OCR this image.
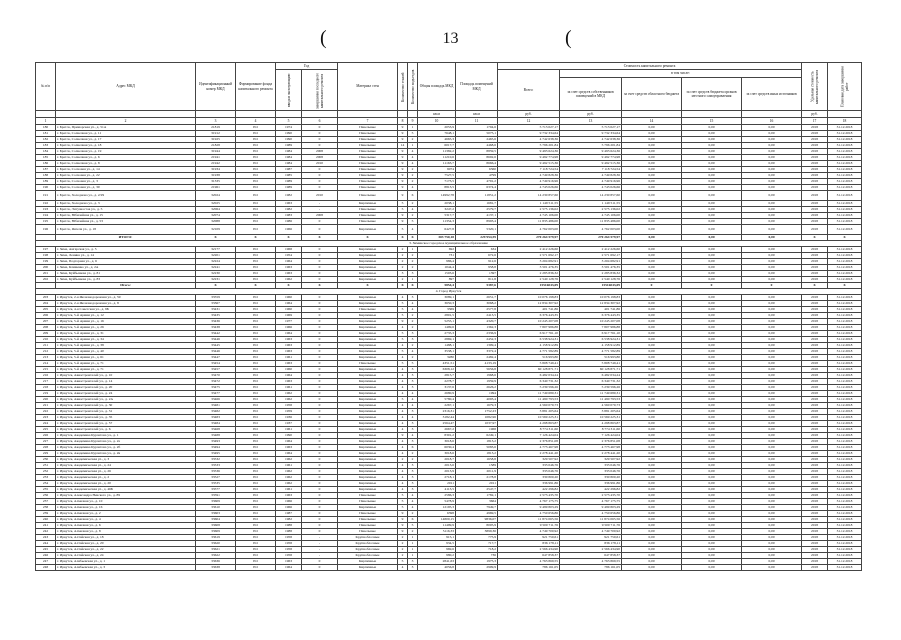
(	13	(
№ п/п	Адрес МКД	Идентификационный номер МКД	Формирование фонда капитального ремонта	Год		Материал стен	Количество этажей	Количество подъездов	Общая площадь МКД	Площадь помещений МКД	Стоимость капитального ремонта					Удельная стоимость капитального ремонта	Плановая дата завершения работ
				ввода в эксплуатацию	завершения последнего капитального ремонта						Всего:	в том числе:					
												за счет средств собственников помещений в МКД	за счет средств областного бюджета	за счет средств бюджета органов местного самоуправления	за счет средств иных источников		
									кв.м	кв.м	руб.	руб.				руб.	
1	2	3	4	5	6	7	8	9	10	11	12	13	14	15	16	17	18
180	г. Братск, Приморская ул., д. 51А	21819	РО	1974	0	Панельные	9	1	2053,9	1794,6	5 713 027,17	5 713 027,17	0,00	0,00	0,00	2018	31.12.2018
181	г. Братск, Солнечная ул., д. 11	31912	РО	1990	0	Панельные	9	5	7648,1	5075,1	9 732 334,64	9 732 334,64	0,00	0,00	0,00	2018	31.12.2018
182	г. Братск, Солнечная ул., д. 17	31925	РО	1990	0	Панельные	9	2	4665,3	2465,6	4 742 638,36	4 742 638,36	0,00	0,00	0,00	2018	31.12.2018
183	г. Братск, Солнечная ул., д. 18	21828	РО	1989	0	Панельные	14	1	6017,7	4468,6	5 796 201,84	5 796 201,84	0,00	0,00	0,00	2018	31.12.2018
184	г. Братск, Солнечная ул., д. 19	31944	РО	1984	2008	Панельные	9	4	11382,2	8859,5	9 493 624,36	9 493 624,36	0,00	0,00	0,00	2018	31.12.2018
185	г. Братск, Солнечная ул., д. 6	21941	РО	1984	2008	Панельные	9	4	11210,6	8692,6	9 492 774,98	9 492 774,98	0,00	0,00	0,00	2018	31.12.2018
186	г. Братск, Солнечная ул., д. 8	21942	РО	1984	2010	Панельные	9	4	11163,7	8666,4	9 492 515,36	9 492 515,36	0,00	0,00	0,00	2018	31.12.2018
187	г. Братск, Сосновая ул., д. 14	31934	РО	1987	0	Панельные	9	2	9074	6360	7 118 724,54	7 118 724,54	0,00	0,00	0,00	2018	31.12.2018
188	г. Братск, Сосновая ул., д. 22	31938	РО	1985	0	Панельные	9	2	7527,5	4799	4 749 828,36	4 749 828,36	0,00	0,00	0,00	2018	31.12.2018
189	г. Братск, Сосновая ул., д. 3	31335	РО	1989	0	Панельные	9	2	7173,5	4791,2	4 749 916,96	4 749 916,96	0,00	0,00	0,00	2018	31.12.2018
190	г. Братск, Сосновая ул., д. 30	21961	РО	1989	0	Панельные	9	4	8813,5	6374,4	4 743 026,66	4 743 026,66	0,00	0,00	0,00	2018	31.12.2018
191	г. Братск, Холоднова ул., д. 2/29	32024	РО	1982	2010	Панельные	9	6	14992,78	11851,2	14 230 857,60	14 230 857,60	0,00	0,00	0,00	2018	31.12.2018
192	г. Братск, Холоднова ул., д. 3	32025	РО	1963	-	Кирпичные	5	2	2038,1	1681,7	1 149 511,55	1 149 511,55	0,00	0,00	0,00	2018	31.12.2018
193	г. Братск, Энтузиастов ул., д. 5	32064	РО	1982	-	Панельные	5	4	3247,2	2579,7	2 575 136,02	2 575 136,02	0,00	0,00	0,00	2018	31.12.2018
194	г. Братск, Юбилейная ул., д. 15	32074	РО	1983	2008	Панельные	9	2	5317,7	4137,1	4 745 106,00	4 745 106,00	0,00	0,00	0,00	2018	31.12.2018
195	г. Братск, Юбилейная ул., д. 53	32088	РО	1986	0	Панельные	9	5	11354,3	8993,4	11 835 486,00	11 835 486,00	0,00	0,00	0,00	2018	31.12.2018
196	г. Братск, Янгеля ул., д. 18	32109	РО	1966	0	Кирпичные	5	4	6427,8	5320,1	4 762 003,00	4 762 003,00	0,00	0,00	0,00	2018	31.12.2018
	ИТОГО:	Х	Х	Х	Х	Х	Х	Х	303 750,18	229 954,59	270 264 579,97	270 264 579,97	0,00	0,00	0,00	Х	Х
3. Зиминское городское муниципальное образование																	
197	г. Зима, Ангарская ул., д. 5	32177	РО	1968	0	Кирпичные	2	1	692	634	2 412 226,60	2 412 226,60	0,00	0,00	0,00	2018	31.12.2018
198	г. Зима, Ленина ул., д. 14	32201	РО	1954	0	Кирпичные	2	2	731	672,6	2 571 692,17	2 571 692,17	0,00	0,00	0,00	2018	31.12.2018
199	г. Зима, Подгорная ул., д. 6	32224	РО	1964	0	Кирпичные	2	2	986,4	912,6	3 204 682,91	3 204 682,91	0,00	0,00	0,00	2018	31.12.2018
200	г. Зима, Клименко ул., д. 2А	32241	РО	1963	0	Кирпичные	2	2	1044,4	958,8	3 501 476,35	3 501 476,35	0,00	0,00	0,00	2018	31.12.2018
201	г. Зима, Куйбышева ул., д. 81	32230	РО	1963	0	Кирпичные	3	3	1503,6	1397	2 285 836,32	2 285 836,32	0,00	0,00	0,00	2018	31.12.2018
202	г. Зима, Куйбышева ул., д. 83	32231	РО	1962	0	Кирпичные	2	1	897	811,8	2 540 128,76	2 540 128,76	0,00	0,00	0,00	2018	31.12.2018
	Итого:	Х	Х	Х	Х	Х	Х	Х	5854,4	5387,6	15516043,09	15516043,09	0	0	0	Х	Х
4. Город Иркутск																	
203	г. Иркутск, 2-я Железнодорожная ул., д. 59	33559	РО	1960	0	Кирпичные	4	3	3089,1	2651,7	10 076 198,83	10 076 198,83	0,00	0,00	0,00	2018	31.12.2018
204	г. Иркутск, 2-я Железнодорожная ул., д. 8	33367	РО	1964	0	Кирпичные	5	4	3650,3	3068,2	12 834 307,92	12 834 307,92	0,00	0,00	0,00	2018	31.12.2018
205	г. Иркутск, 4-я Советская ул., д. 9Б	33431	РО	1960	0	Панельные	5	4	3369	2577,8	401 741,86	401 741,86	0,00	0,00	0,00	2018	31.12.2018
206	г. Иркутск, 5-й Армии ул., д. 12	33435	РО	1969	0	Кирпичные	5	2	2801,5	2413,5	6 376 443,35	6 376 443,35	0,00	0,00	0,00	2018	31.12.2018
207	г. Иркутск, 5-й Армии ул., д. 16	33436	РО	1977	0	Кирпичные	9	2	5255,1	4320,7	10 245 207,08	10 245 207,08	0,00	0,00	0,00	2018	31.12.2018
208	г. Иркутск, 5-й Армии ул., д. 26	33438	РО	1966	0	Кирпичные	4	2	1499,6	1362,3	7 807 986,88	7 807 986,88	0,00	0,00	0,00	2018	31.12.2018
209	г. Иркутск, 5-й Армии ул., д. 31	33442	РО	1964	0	Кирпичные	5	3	2735,3	2336,9	6 917 761,10	6 917 761,10	0,00	0,00	0,00	2018	31.12.2018
210	г. Иркутск, 5-й Армии ул., д. 34	33446	РО	1963	0	Кирпичные	5	3	2869,1	2452,3	6 538 924,31	6 538 924,31	0,00	0,00	0,00	2018	31.12.2018
211	г. Иркутск, 5-й Армии ул., д. 38	33445	РО	1963	0	Кирпичные	4	2	1488,1	1309,4	4 158 912,89	4 158 912,89	0,00	0,00	0,00	2018	31.12.2018
212	г. Иркутск, 5-й Армии ул., д. 40	33446	РО	1963	0	Кирпичные	5	4	3538,1	3372,4	4 771 582,89	4 771 582,89	0,00	0,00	0,00	2018	31.12.2018
213	г. Иркутск, 5-й Армии ул., д. 61	33447	РО	1961	0	Кирпичные	4	2	3280	2482,4	516 993,80	516 993,80	0,00	0,00	0,00	2018	31.12.2018
214	г. Иркутск, 5-й Армии ул., д. 71	33454	РО	1963	0	Панельные	5	5	4351,51	4133,19	5 808 749,41	5 808 749,41	0,00	0,00	0,00	2018	31.12.2018
215	г. Иркутск, 5-й Армии ул., д. 71	33457	РО	1960	0	Кирпичные	4	3	6308,12	5656,8	60 128 871,71	60 128 871,71	0,00	0,00	0,00	2018	31.12.2018
216	г. Иркутск, Авиастроителей ул., д. 10	33470	РО	1964	0	Кирпичные	4	3	2815,7	1968,6	6 482 034,24	6 482 034,24	0,00	0,00	0,00	2018	31.12.2018
217	г. Иркутск, Авиастроителей ул., д. 14	33472	РО	1963	0	Кирпичные	4	3	2278,7	1959,9	6 340 731,32	6 340 731,32	0,00	0,00	0,00	2018	31.12.2018
218	г. Иркутск, Авиастроителей ул., д. 20	33475	РО	1961	0	Кирпичные	4	3	3137,6	2626,2	5 239 596,26	5 239 596,26	0,00	0,00	0,00	2018	31.12.2018
219	г. Иркутск, Авиастроителей ул., д. 24	33477	РО	1962	0	Кирпичные	4	4	2680,9	1994	11 749 680,31	11 749 680,31	0,00	0,00	0,00	2018	31.12.2018
220	г. Иркутск, Авиастроителей ул., д. 2А	33466	РО	1962	0	Кирпичные	5	4	5780,4	4093,4	11 490 793,53	11 490 793,53	0,00	0,00	0,00	2018	31.12.2018
221	г. Иркутск, Авиастроителей ул., д. 30	33481	РО	1958	0	Кирпичные	4	4	2267,1	1679,3	4 560 070,73	4 560 070,73	0,00	0,00	0,00	2018	31.12.2018
222	г. Иркутск, Авиастроителей ул., д. 31	33482	РО	1959	0	Кирпичные	4	3	2316,31	1752,23	3 881 205,64	3 881 205,64	0,00	0,00	0,00	2018	31.12.2018
223	г. Иркутск, Авиастроителей ул., д. 35	33483	РО	1936	0	Кирпичные	4	4	3182,44	1082,96	10 569 225,31	10 569 225,31	0,00	0,00	0,00	2018	31.12.2018
224	г. Иркутск, Авиастроителей ул., д. 57	33484	РО	1937	0	Кирпичные	4	3	2564,47	1037,97	4 298 863,87	4 298 863,87	0,00	0,00	0,00	2018	31.12.2018
225	г. Иркутск, Авиастроителей ул., д. 6	33468	РО	1961	0	Кирпичные	4	3	2667,2	1968	8 774 311,60	8 774 311,60	0,00	0,00	0,00	2018	31.12.2018
226	г. Иркутск, Академика Курчатова ул., д. 1	33488	РО	1990	0	Кирпичные	9	4	8301,2	6249,1	7 126 424,04	7 126 424,04	0,00	0,00	0,00	2018	31.12.2018
227	г. Иркутск, Академика Курчатова ул., д. 2а	33493	РО	1964	0	Кирпичные	4	3	3018,6	1813,2	2 376 851,08	2 376 851,08	0,00	0,00	0,00	2018	31.12.2018
228	г. Иркутск, Академика Курчатова ул., д. 2б	33494	РО	1963	0	Кирпичные	4	6	6030,4	5083,6	4 773 467,98	4 773 467,98	0,00	0,00	0,00	2018	31.12.2018
229	г. Иркутск, Академика Курчатова ул., д. 2в	33495	РО	1964	0	Кирпичные	4	2	3018,6	1813,2	2 278 441,20	2 278 441,20	0,00	0,00	0,00	2018	31.12.2018
230	г. Иркутск, Академическая ул., д. 3	33532	РО	1962	0	Кирпичные	2	2	2018,7	1658,8	329 507,92	329 507,92	0,00	0,00	0,00	2018	31.12.2018
231	г. Иркутск, Академическая ул., д. 24	33533	РО	1961	0	Кирпичные	4	3	2013,6	1589	333 046,76	333 046,76	0,00	0,00	0,00	2018	31.12.2018
232	г. Иркутск, Академическая ул., д. 26	33536	РО	1962	0	Кирпичные	4	3	2013,9	2011,9	333 046,76	333 046,76	0,00	0,00	0,00	2018	31.12.2018
233	г. Иркутск, Академическая ул., д. 2	33527	РО	1962	0	Кирпичные	4	3	2718,1	2178,8	330 800,20	330 800,20	0,00	0,00	0,00	2018	31.12.2018
234	г. Иркутск, Академическая ул., д. 20	33535	РО	1962	0	Кирпичные	4	3	2011	2011	336 991,86	336 991,86	0,00	0,00	0,00	2018	31.12.2018
235	г. Иркутск, Академическая ул., д. 46Б	33577	РО	1961	0	Кирпичные	4	3	4113,5	2547,7	422 296,82	422 296,82	0,00	0,00	0,00	2018	31.12.2018
236	г. Иркутск, Александра Невского ул., д. 89	33591	РО	1963	0	Панельные	5	4	2586,3	1782,1	2 573 435,70	2 573 435,70	0,00	0,00	0,00	2018	31.12.2018
237	г. Иркутск, Алмазная ул., д. 10	33609	РО	1966	0	Панельные	5	4	5478,9	3664	4 767 175,75	4 767 175,75	0,00	0,00	0,00	2018	31.12.2018
238	г. Иркутск, Алмазная ул., д. 16	33610	РО	1966	0	Кирпичные	5	4	12195,3	7949,7	9 499 803,29	9 499 803,29	0,00	0,00	0,00	2018	31.12.2018
239	г. Иркутск, Алмазная ул., д. 2	33603	РО	1987	0	Панельные	9	2	6398	4969,5	4 750 656,86	4 750 656,86	0,00	0,00	0,00	2018	31.12.2018
240	г. Иркутск, Алмазная ул., д. 4	33604	РО	1982	0	Панельные	9	6	14800,15	9836,07	11 874 065,56	11 874 065,56	0,00	0,00	0,00	2018	31.12.2018
241	г. Иркутск, Алмазная ул., д. 6	33608	РО	1988	0	Панельные	9	5	11499,9	8005,9	9 500 711,76	9 500 711,76	0,00	0,00	0,00	2018	31.12.2018
242	г. Иркутск, Алмазная ул., д. 8	33609	РО	1988	0	Панельные	9	2	5116,33	3899,36	4 749 700,92	4 749 700,92	0,00	0,00	0,00	2018	31.12.2018
243	г. Иркутск, Алтайская ул., д. 18	33619	РО	1958	-	Крупноблочные	2	1	915,1	775,9	921 750,61	921 750,61	0,00	0,00	0,00	2018	31.12.2018
244	г. Иркутск, Алтайская ул., д. 20	33620	РО	1958	-	Крупноблочные	2	1	934,5	717,7	836 178,11	836 178,11	0,00	0,00	0,00	2018	31.12.2018
245	г. Иркутск, Алтайская ул., д. 22	33621	РО	1958	-	Крупноблочные	2	1	969,6	718,2	2 566 434,90	2 566 434,90	0,00	0,00	0,00	2018	31.12.2018
246	г. Иркутск, Алтайская ул., д. 24	33622	РО	1958	-	Крупноблочные	2	1	980,2	736	647 858,37	647 858,37	0,00	0,00	0,00	2018	31.12.2018
247	г. Иркутск, Алябьевская ул., д. 1	33636	РО	1963	0	Кирпичные	5	3	2841,63	1975,3	4 763 869,55	4 763 869,55	0,00	0,00	0,00	2018	31.12.2018
248	г. Иркутск, Алябьевская ул., д. 3	33638	РО	1964	0	Кирпичные	4	3	4056,8	2909,9	786 161,05	786 161,05	0,00	0,00	0,00	2018	31.12.2018
